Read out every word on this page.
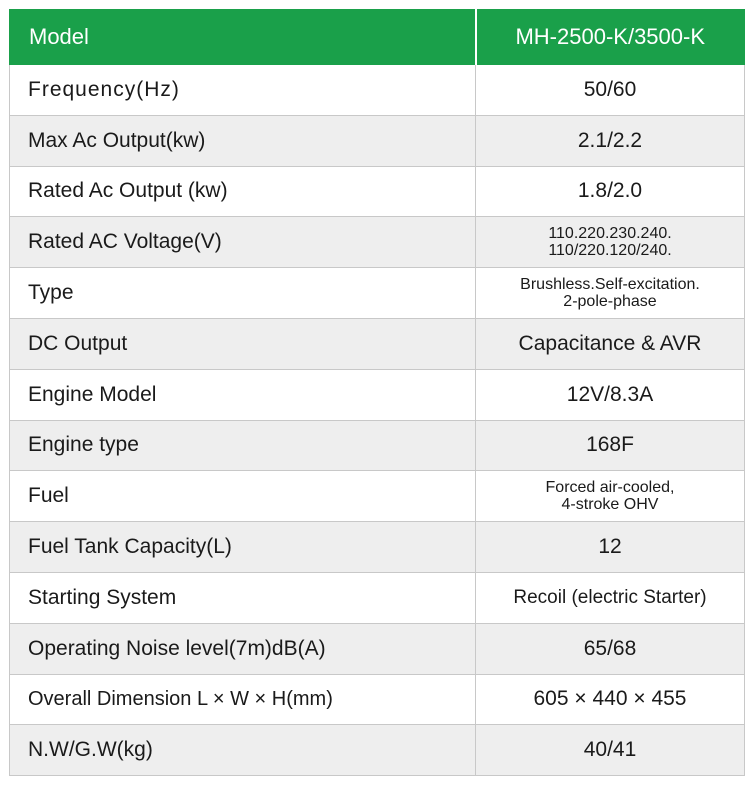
Model	MH-2500-K/3500-K
Frequency(Hz)	50/60
Max Ac Output(kw)	2.1/2.2
Rated Ac Output (kw)	1.8/2.0
Rated AC Voltage(V)	110.220.230.240.
110/220.120/240.
Type	Brushless.Self-excitation.
2-pole-phase
DC Output	Capacitance & AVR
Engine Model	12V/8.3A
Engine type	168F
Fuel	Forced air-cooled,
4-stroke OHV
Fuel Tank Capacity(L)	12
Starting System	Recoil (electric Starter)
Operating Noise level(7m)dB(A)	65/68
Overall Dimension L × W × H(mm)	605 × 440 × 455
N.W/G.W(kg)	40/41
